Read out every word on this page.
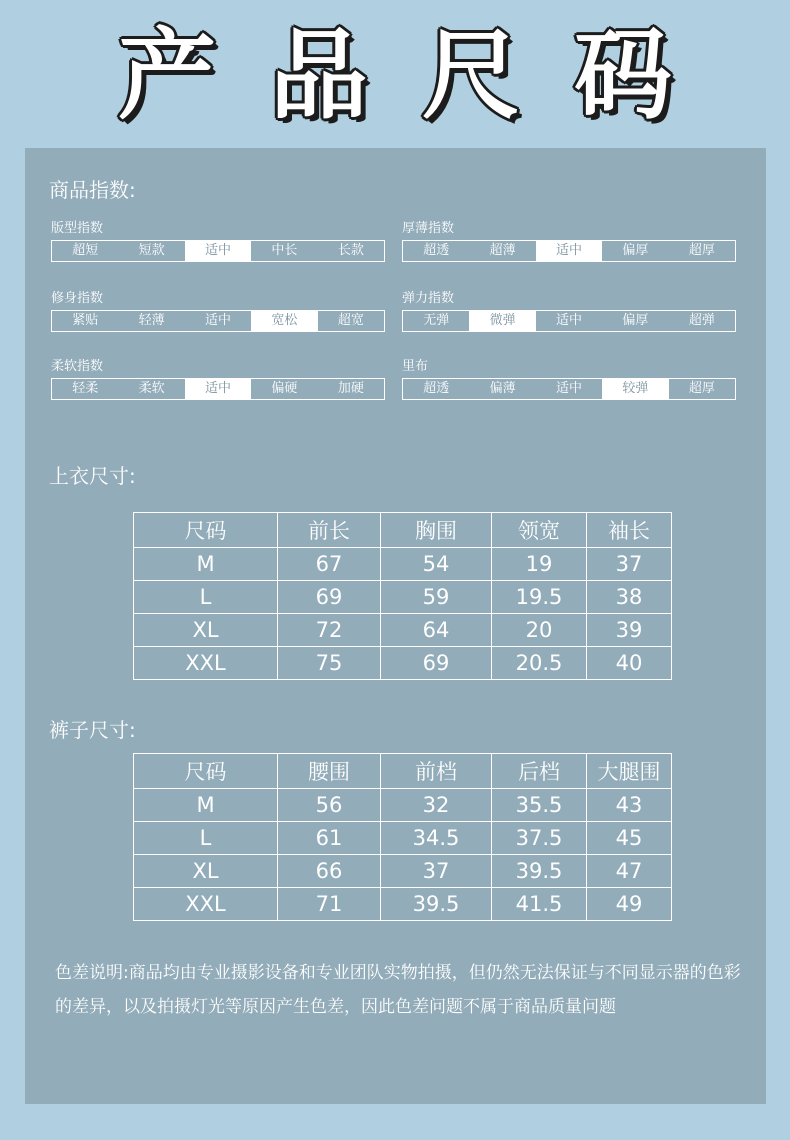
产 品 尺 码
商品指数:
版型指数
超短	短款	适中	中长	长款
厚薄指数
超透	超薄	适中	偏厚	超厚
修身指数
紧贴	轻薄	适中	宽松	超宽
弹力指数
无弹	微弹	适中	偏厚	超弹
柔软指数
轻柔	柔软	适中	偏硬	加硬
里布
超透	偏薄	适中	较弹	超厚
上衣尺寸:
尺码	前长	胸围	领宽	袖长
M	67	54	19	37
L	69	59	19.5	38
XL	72	64	20	39
XXL	75	69	20.5	40
裤子尺寸:
尺码	腰围	前档	后档	大腿围
M	56	32	35.5	43
L	61	34.5	37.5	45
XL	66	37	39.5	47
XXL	71	39.5	41.5	49
色差说明:商品均由专业摄影设备和专业团队实物拍摄，但仍然无法保证与不同显示器的色彩的差异，以及拍摄灯光等原因产生色差，因此色差问题不属于商品质量问题
